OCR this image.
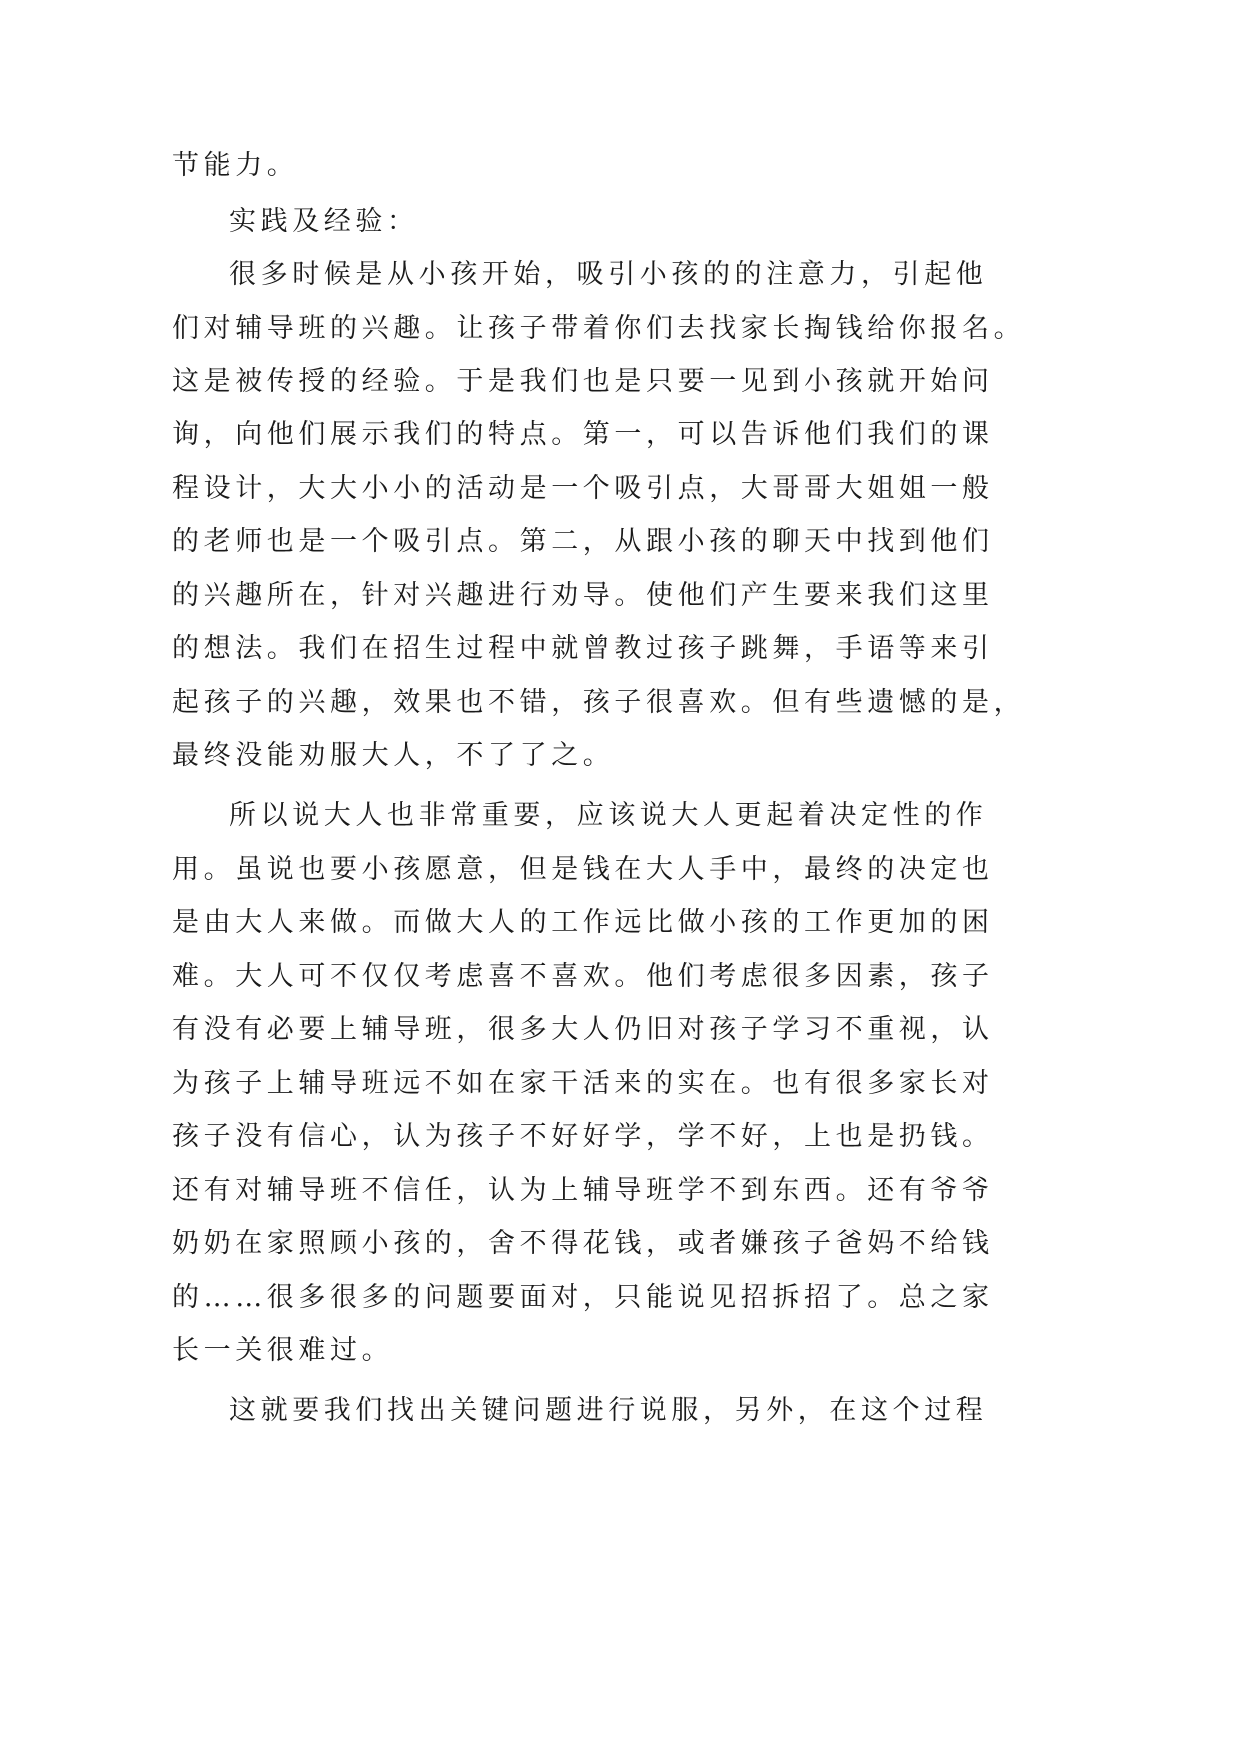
节能力。
实践及经验：
很多时候是从小孩开始，吸引小孩的的注意力，引起他
们对辅导班的兴趣。让孩子带着你们去找家长掏钱给你报名。
这是被传授的经验。于是我们也是只要一见到小孩就开始问
询，向他们展示我们的特点。第一，可以告诉他们我们的课
程设计，大大小小的活动是一个吸引点，大哥哥大姐姐一般
的老师也是一个吸引点。第二，从跟小孩的聊天中找到他们
的兴趣所在，针对兴趣进行劝导。使他们产生要来我们这里
的想法。我们在招生过程中就曾教过孩子跳舞，手语等来引
起孩子的兴趣，效果也不错，孩子很喜欢。但有些遗憾的是，
最终没能劝服大人，不了了之。
所以说大人也非常重要，应该说大人更起着决定性的作
用。虽说也要小孩愿意，但是钱在大人手中，最终的决定也
是由大人来做。而做大人的工作远比做小孩的工作更加的困
难。大人可不仅仅考虑喜不喜欢。他们考虑很多因素，孩子
有没有必要上辅导班，很多大人仍旧对孩子学习不重视，认
为孩子上辅导班远不如在家干活来的实在。也有很多家长对
孩子没有信心，认为孩子不好好学，学不好，上也是扔钱。
还有对辅导班不信任，认为上辅导班学不到东西。还有爷爷
奶奶在家照顾小孩的，舍不得花钱，或者嫌孩子爸妈不给钱
的……很多很多的问题要面对，只能说见招拆招了。总之家
长一关很难过。
这就要我们找出关键问题进行说服，另外，在这个过程
